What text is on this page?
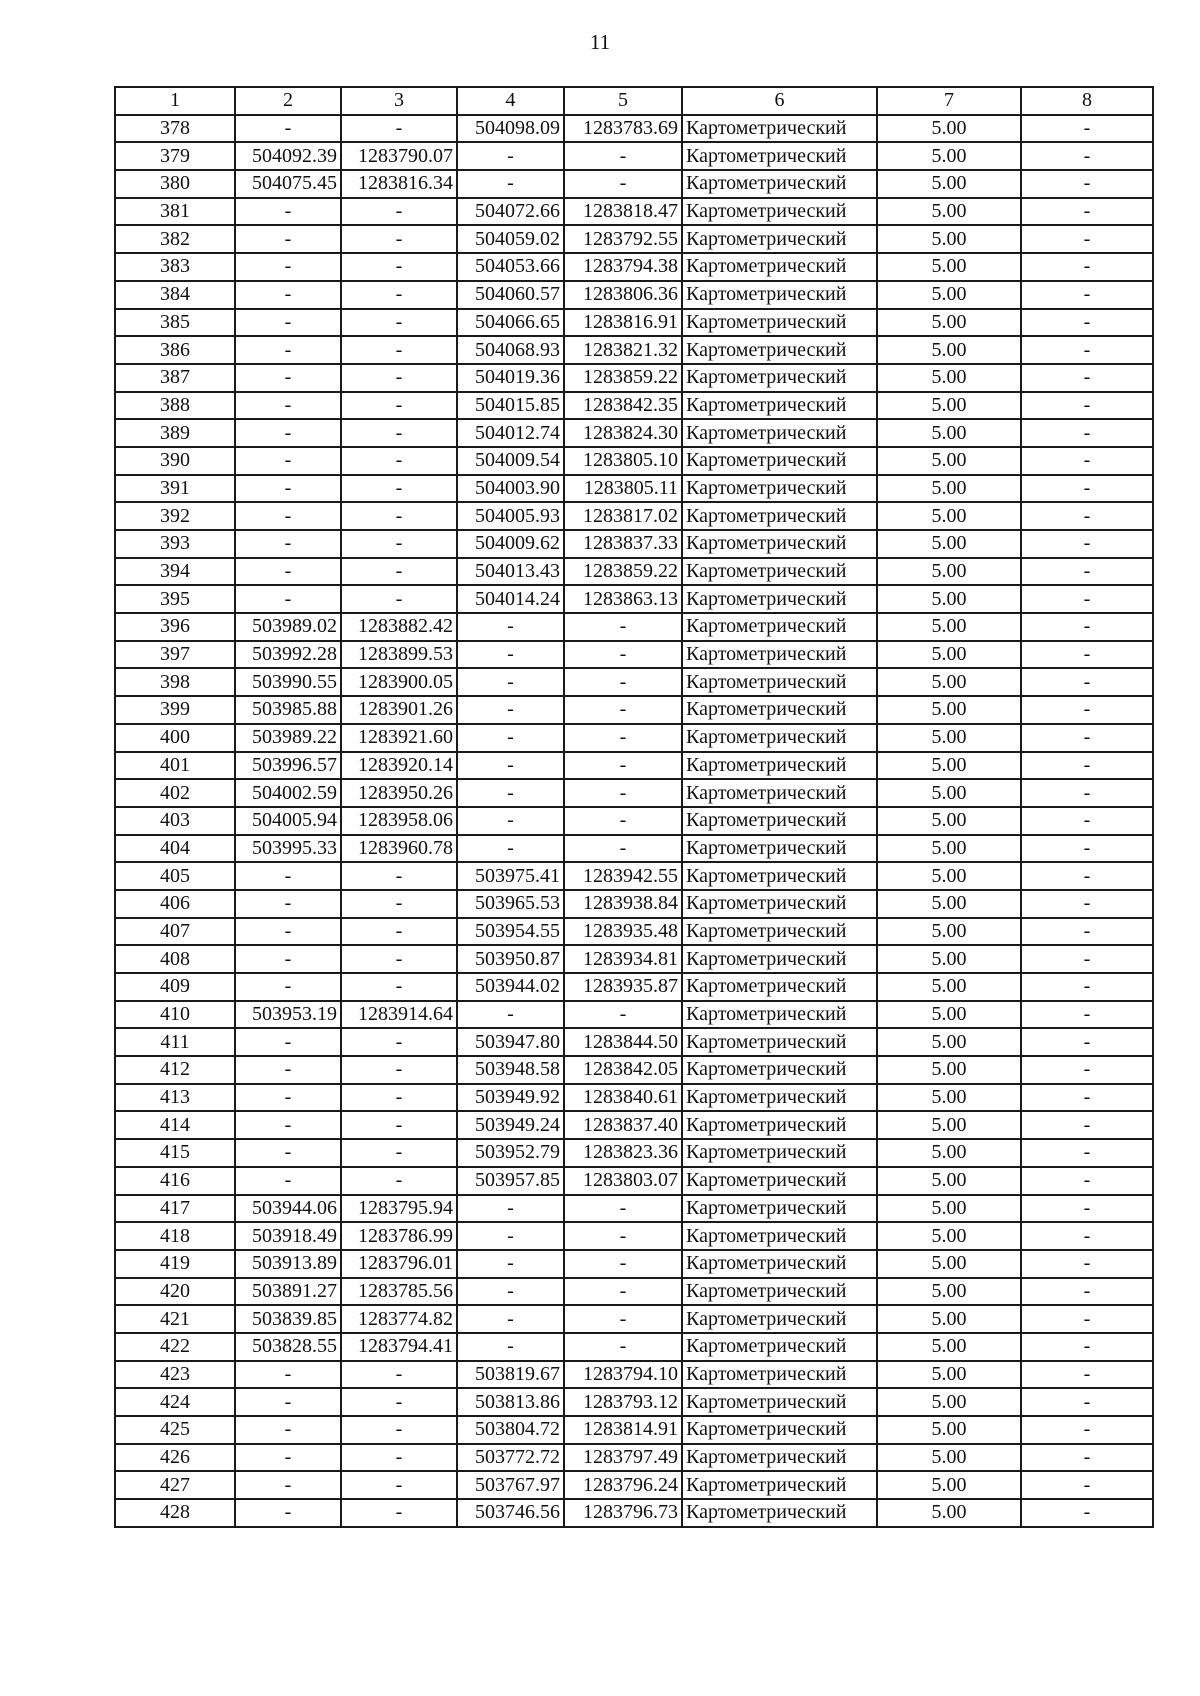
11
1	2	3	4	5	6	7	8
378	-	-	504098.09	1283783.69	Картометрический	5.00	-
379	504092.39	1283790.07	-	-	Картометрический	5.00	-
380	504075.45	1283816.34	-	-	Картометрический	5.00	-
381	-	-	504072.66	1283818.47	Картометрический	5.00	-
382	-	-	504059.02	1283792.55	Картометрический	5.00	-
383	-	-	504053.66	1283794.38	Картометрический	5.00	-
384	-	-	504060.57	1283806.36	Картометрический	5.00	-
385	-	-	504066.65	1283816.91	Картометрический	5.00	-
386	-	-	504068.93	1283821.32	Картометрический	5.00	-
387	-	-	504019.36	1283859.22	Картометрический	5.00	-
388	-	-	504015.85	1283842.35	Картометрический	5.00	-
389	-	-	504012.74	1283824.30	Картометрический	5.00	-
390	-	-	504009.54	1283805.10	Картометрический	5.00	-
391	-	-	504003.90	1283805.11	Картометрический	5.00	-
392	-	-	504005.93	1283817.02	Картометрический	5.00	-
393	-	-	504009.62	1283837.33	Картометрический	5.00	-
394	-	-	504013.43	1283859.22	Картометрический	5.00	-
395	-	-	504014.24	1283863.13	Картометрический	5.00	-
396	503989.02	1283882.42	-	-	Картометрический	5.00	-
397	503992.28	1283899.53	-	-	Картометрический	5.00	-
398	503990.55	1283900.05	-	-	Картометрический	5.00	-
399	503985.88	1283901.26	-	-	Картометрический	5.00	-
400	503989.22	1283921.60	-	-	Картометрический	5.00	-
401	503996.57	1283920.14	-	-	Картометрический	5.00	-
402	504002.59	1283950.26	-	-	Картометрический	5.00	-
403	504005.94	1283958.06	-	-	Картометрический	5.00	-
404	503995.33	1283960.78	-	-	Картометрический	5.00	-
405	-	-	503975.41	1283942.55	Картометрический	5.00	-
406	-	-	503965.53	1283938.84	Картометрический	5.00	-
407	-	-	503954.55	1283935.48	Картометрический	5.00	-
408	-	-	503950.87	1283934.81	Картометрический	5.00	-
409	-	-	503944.02	1283935.87	Картометрический	5.00	-
410	503953.19	1283914.64	-	-	Картометрический	5.00	-
411	-	-	503947.80	1283844.50	Картометрический	5.00	-
412	-	-	503948.58	1283842.05	Картометрический	5.00	-
413	-	-	503949.92	1283840.61	Картометрический	5.00	-
414	-	-	503949.24	1283837.40	Картометрический	5.00	-
415	-	-	503952.79	1283823.36	Картометрический	5.00	-
416	-	-	503957.85	1283803.07	Картометрический	5.00	-
417	503944.06	1283795.94	-	-	Картометрический	5.00	-
418	503918.49	1283786.99	-	-	Картометрический	5.00	-
419	503913.89	1283796.01	-	-	Картометрический	5.00	-
420	503891.27	1283785.56	-	-	Картометрический	5.00	-
421	503839.85	1283774.82	-	-	Картометрический	5.00	-
422	503828.55	1283794.41	-	-	Картометрический	5.00	-
423	-	-	503819.67	1283794.10	Картометрический	5.00	-
424	-	-	503813.86	1283793.12	Картометрический	5.00	-
425	-	-	503804.72	1283814.91	Картометрический	5.00	-
426	-	-	503772.72	1283797.49	Картометрический	5.00	-
427	-	-	503767.97	1283796.24	Картометрический	5.00	-
428	-	-	503746.56	1283796.73	Картометрический	5.00	-
